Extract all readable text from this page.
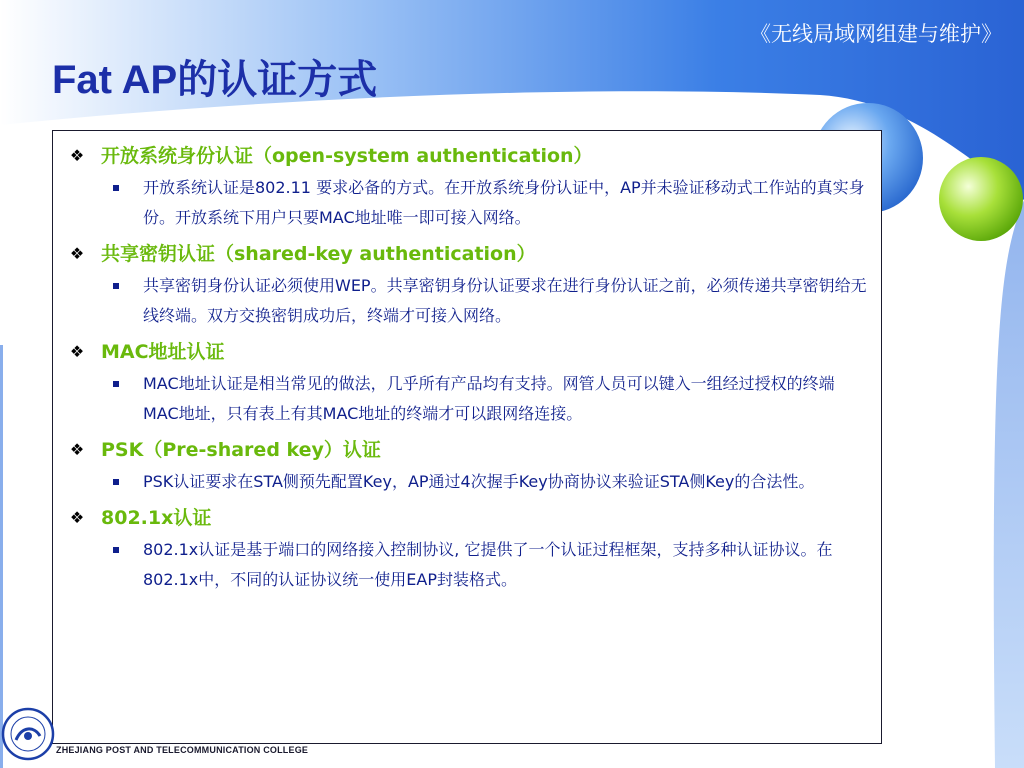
《无线局域网组建与维护》
Fat AP的认证方式
❖ 开放系统身份认证（open-system authentication）
开放系统认证是802.11 要求必备的方式。在开放系统身份认证中，AP并未验证移动式工作站的真实身份。开放系统下用户只要MAC地址唯一即可接入网络。
❖ 共享密钥认证（shared-key authentication）
共享密钥身份认证必须使用WEP。共享密钥身份认证要求在进行身份认证之前，必须传递共享密钥给无线终端。双方交换密钥成功后，终端才可接入网络。
❖ MAC地址认证
MAC地址认证是相当常见的做法，几乎所有产品均有支持。网管人员可以键入一组经过授权的终端MAC地址，只有表上有其MAC地址的终端才可以跟网络连接。
❖ PSK（Pre-shared key）认证
PSK认证要求在STA侧预先配置Key，AP通过4次握手Key协商协议来验证STA侧Key的合法性。
❖ 802.1x认证
802.1x认证是基于端口的网络接入控制协议, 它提供了一个认证过程框架，支持多种认证协议。在802.1x中，不同的认证协议统一使用EAP封装格式。
ZHEJIANG POST AND TELECOMMUNICATION COLLEGE
